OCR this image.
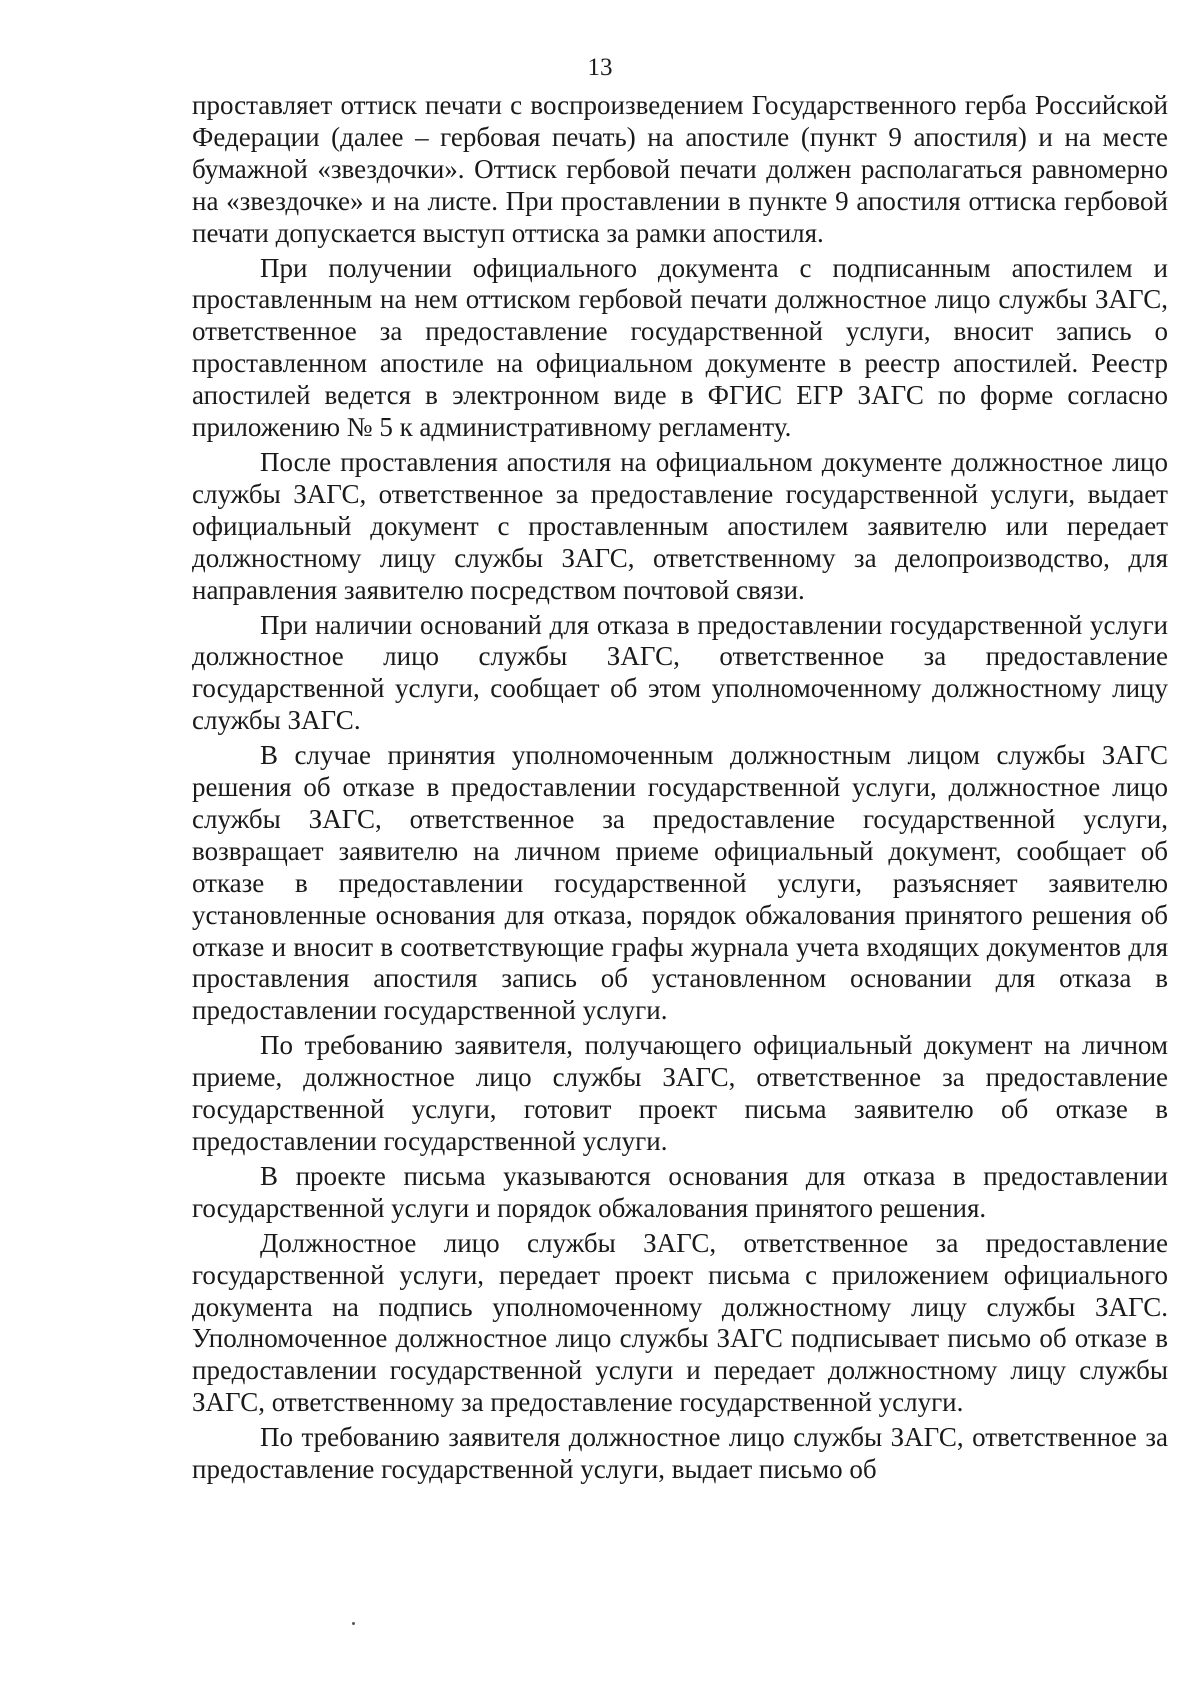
13

проставляет оттиск печати с воспроизведением Государственного герба Российской Федерации (далее – гербовая печать) на апостиле (пункт 9 апостиля) и на месте бумажной «звездочки». Оттиск гербовой печати должен располагаться равномерно на «звездочке» и на листе. При проставлении в пункте 9 апостиля оттиска гербовой печати допускается выступ оттиска за рамки апостиля.

При получении официального документа с подписанным апостилем и проставленным на нем оттиском гербовой печати должностное лицо службы ЗАГС, ответственное за предоставление государственной услуги, вносит запись о проставленном апостиле на официальном документе в реестр апостилей. Реестр апостилей ведется в электронном виде в ФГИС ЕГР ЗАГС по форме согласно приложению № 5 к административному регламенту.

После проставления апостиля на официальном документе должностное лицо службы ЗАГС, ответственное за предоставление государственной услуги, выдает официальный документ с проставленным апостилем заявителю или передает должностному лицу службы ЗАГС, ответственному за делопроизводство, для направления заявителю посредством почтовой связи.

При наличии оснований для отказа в предоставлении государственной услуги должностное лицо службы ЗАГС, ответственное за предоставление государственной услуги, сообщает об этом уполномоченному должностному лицу службы ЗАГС.

В случае принятия уполномоченным должностным лицом службы ЗАГС решения об отказе в предоставлении государственной услуги, должностное лицо службы ЗАГС, ответственное за предоставление государственной услуги, возвращает заявителю на личном приеме официальный документ, сообщает об отказе в предоставлении государственной услуги, разъясняет заявителю установленные основания для отказа, порядок обжалования принятого решения об отказе и вносит в соответствующие графы журнала учета входящих документов для проставления апостиля запись об установленном основании для отказа в предоставлении государственной услуги.

По требованию заявителя, получающего официальный документ на личном приеме, должностное лицо службы ЗАГС, ответственное за предоставление государственной услуги, готовит проект письма заявителю об отказе в предоставлении государственной услуги.

В проекте письма указываются основания для отказа в предоставлении государственной услуги и порядок обжалования принятого решения.

Должностное лицо службы ЗАГС, ответственное за предоставление государственной услуги, передает проект письма с приложением официального документа на подпись уполномоченному должностному лицу службы ЗАГС. Уполномоченное должностное лицо службы ЗАГС подписывает письмо об отказе в предоставлении государственной услуги и передает должностному лицу службы ЗАГС, ответственному за предоставление государственной услуги.

По требованию заявителя должностное лицо службы ЗАГС, ответственное за предоставление государственной услуги, выдает письмо об
